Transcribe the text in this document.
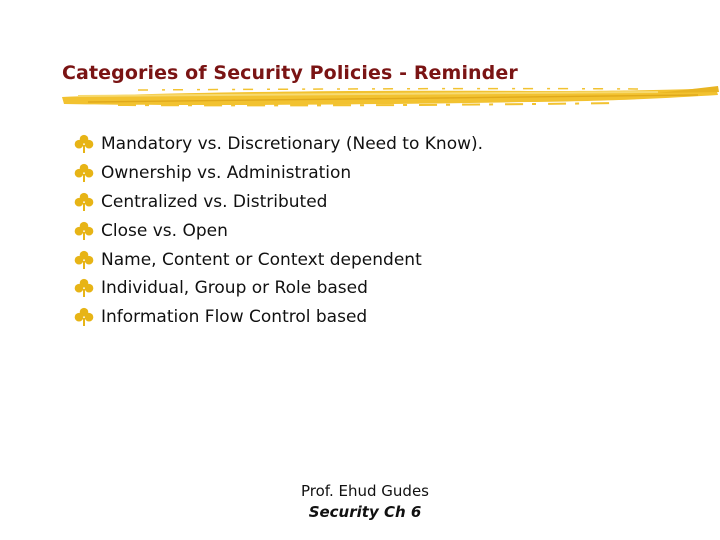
Categories of Security Policies - Reminder
Mandatory vs. Discretionary (Need to Know).
Ownership vs. Administration
Centralized vs. Distributed
Close vs. Open
Name, Content or Context dependent
Individual, Group or Role based
Information Flow Control based
Prof. Ehud Gudes
Security Ch 6
